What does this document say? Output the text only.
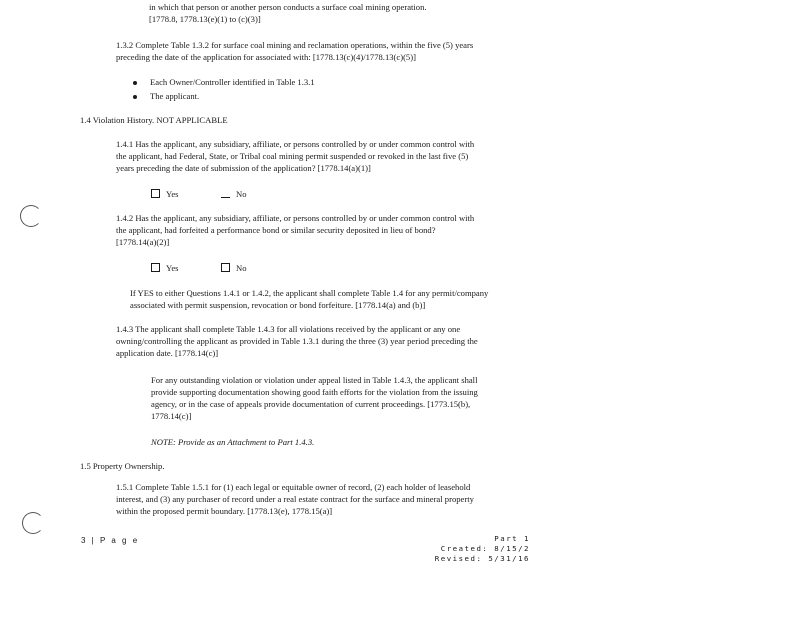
in which that person or another person conducts a surface coal mining operation.
[1778.8, 1778.13(e)(1) to (c)(3)]
1.3.2 Complete Table 1.3.2 for surface coal mining and reclamation operations, within the five (5) years
preceding the date of the application for associated with: [1778.13(c)(4)/1778.13(c)(5)]
Each Owner/Controller identified in Table 1.3.1
The applicant.
1.4 Violation History. NOT APPLICABLE
1.4.1 Has the applicant, any subsidiary, affiliate, or persons controlled by or under common control with
the applicant, had Federal, State, or Tribal coal mining permit suspended or revoked in the last five (5)
years preceding the date of submission of the application? [1778.14(a)(1)]
Yes	No
1.4.2 Has the applicant, any subsidiary, affiliate, or persons controlled by or under common control with
the applicant, had forfeited a performance bond or similar security deposited in lieu of bond?
[1778.14(a)(2)]
Yes	No
If YES to either Questions 1.4.1 or 1.4.2, the applicant shall complete Table 1.4 for any permit/company
associated with permit suspension, revocation or bond forfeiture. [1778.14(a) and (b)]
1.4.3 The applicant shall complete Table 1.4.3 for all violations received by the applicant or any one
owning/controlling the applicant as provided in Table 1.3.1 during the three (3) year period preceding the
application date. [1778.14(c)]
For any outstanding violation or violation under appeal listed in Table 1.4.3, the applicant shall
provide supporting documentation showing good faith efforts for the violation from the issuing
agency, or in the case of appeals provide documentation of current proceedings. [1773.15(b),
1778.14(c)]
NOTE: Provide as an Attachment to Part 1.4.3.
1.5 Property Ownership.
1.5.1 Complete Table 1.5.1 for (1) each legal or equitable owner of record, (2) each holder of leasehold
interest, and (3) any purchaser of record under a real estate contract for the surface and mineral property
within the proposed permit boundary. [1778.13(e), 1778.15(a)]
3 | P a g e	Part 1
Created: 8/15/2
Revised: 5/31/16
